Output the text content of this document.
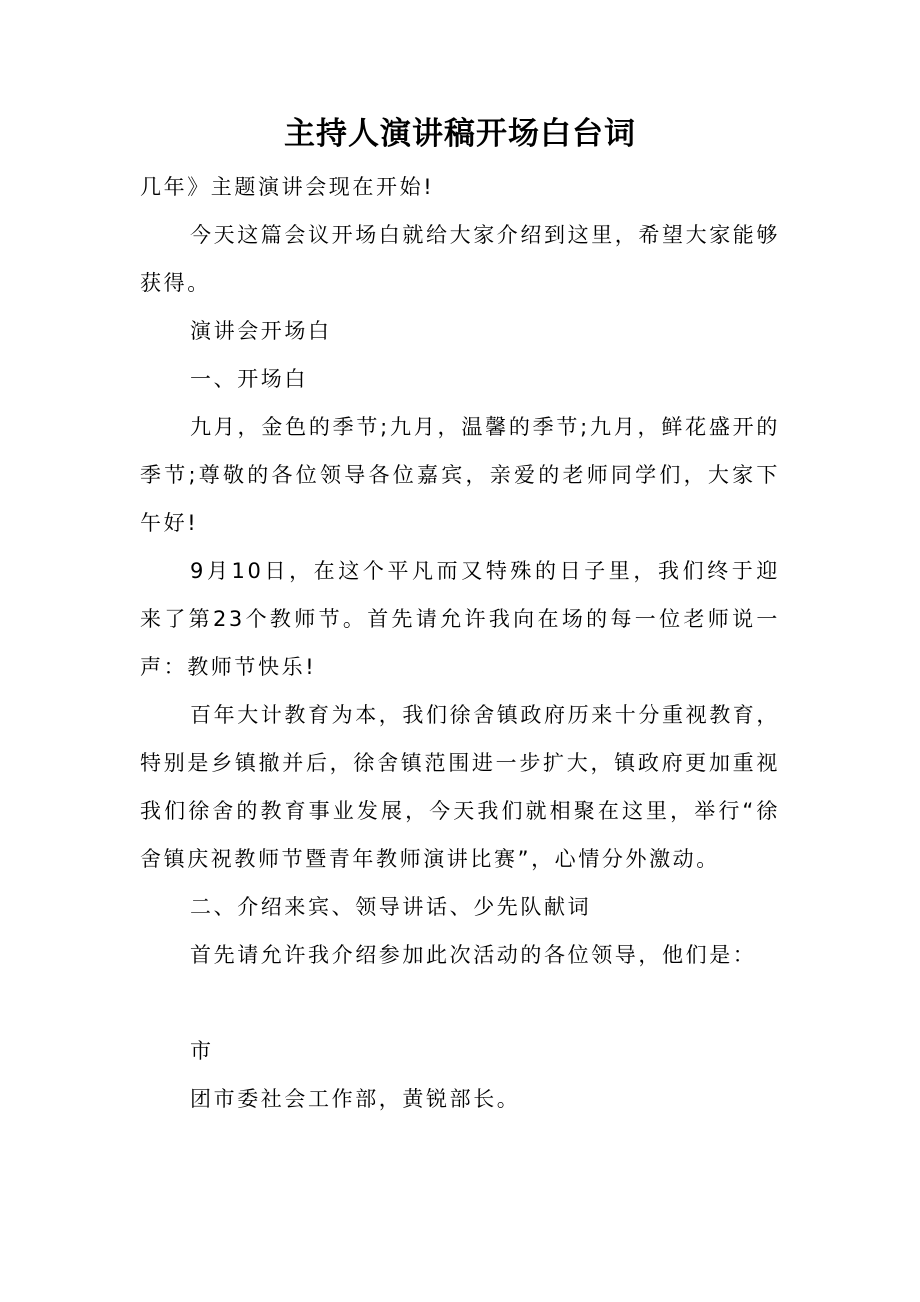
主持人演讲稿开场白台词

几年》主题演讲会现在开始!

今天这篇会议开场白就给大家介绍到这里，希望大家能够获得。

演讲会开场白

一、开场白

九月，金色的季节;九月，温馨的季节;九月，鲜花盛开的季节;尊敬的各位领导各位嘉宾，亲爱的老师同学们，大家下午好!

9月10日，在这个平凡而又特殊的日子里，我们终于迎来了第23个教师节。首先请允许我向在场的每一位老师说一声：教师节快乐!

百年大计教育为本，我们徐舍镇政府历来十分重视教育，特别是乡镇撤并后，徐舍镇范围进一步扩大，镇政府更加重视我们徐舍的教育事业发展，今天我们就相聚在这里，举行“徐舍镇庆祝教师节暨青年教师演讲比赛”，心情分外激动。

二、介绍来宾、领导讲话、少先队献词

首先请允许我介绍参加此次活动的各位领导，他们是：

市

团市委社会工作部，黄锐部长。
